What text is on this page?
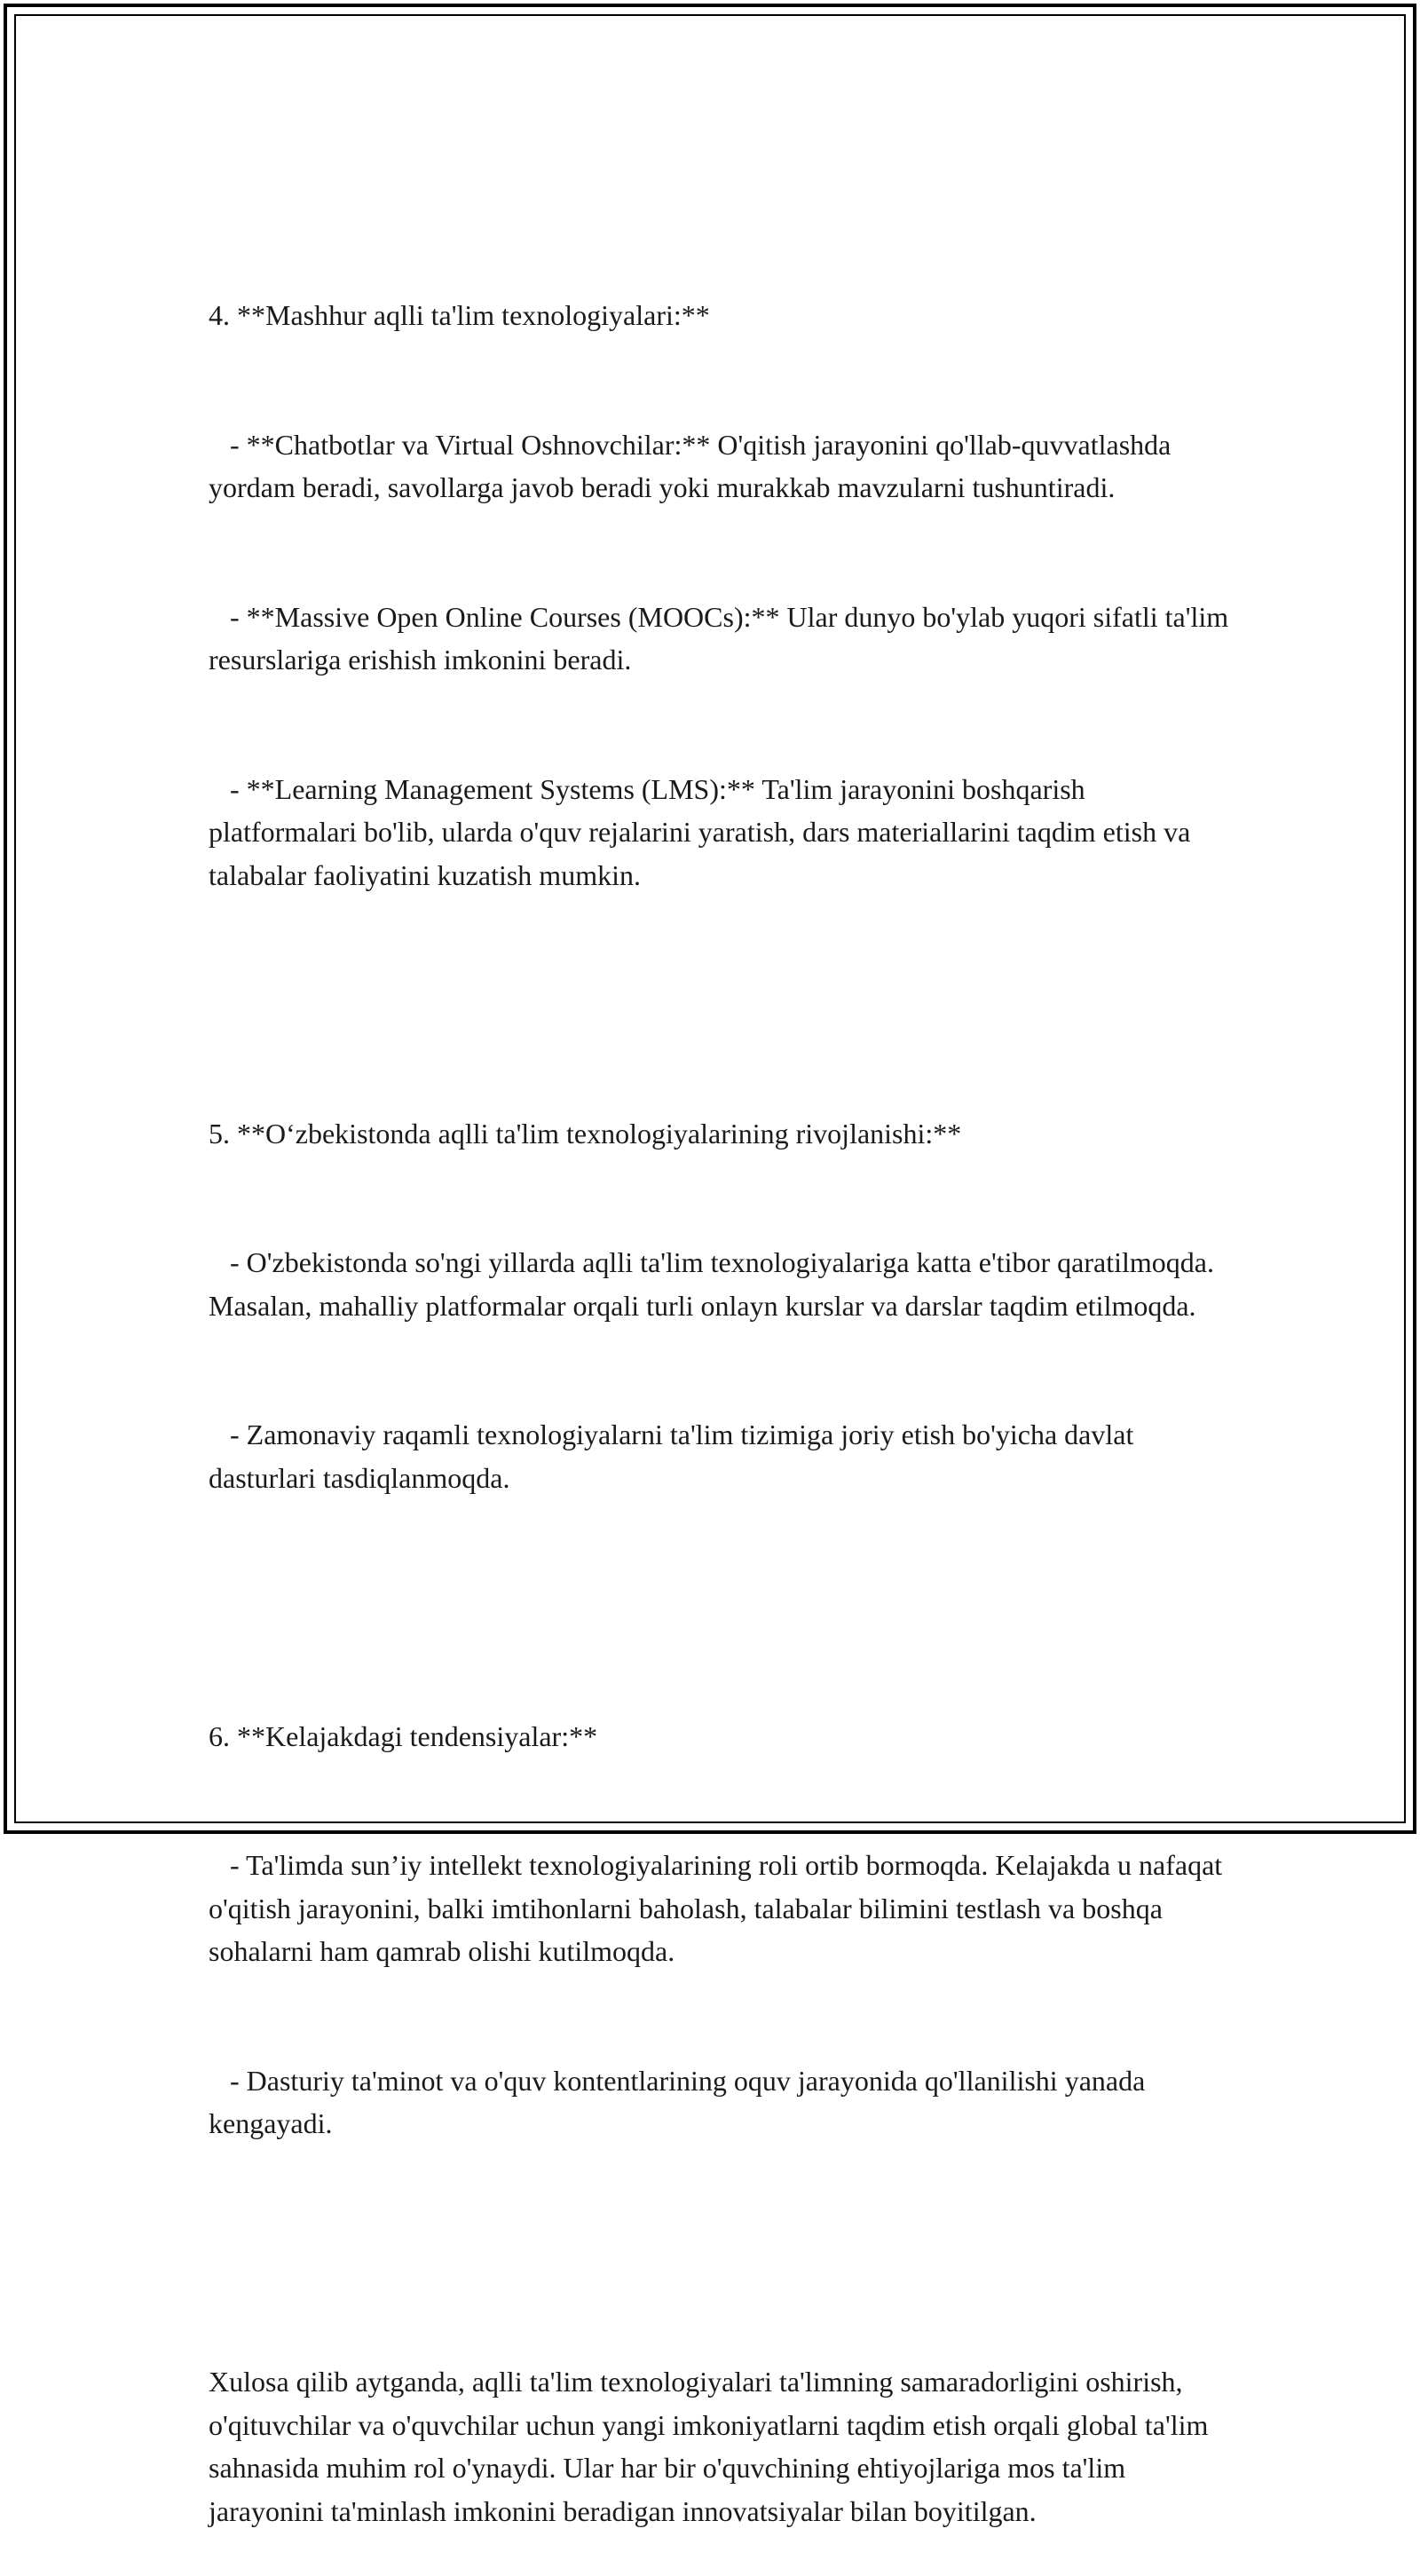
4. **Mashhur aqlli ta'lim texnologiyalari:**

- **Chatbotlar va Virtual Oshnovchilar:** O'qitish jarayonini qo'llab-quvvatlashda yordam beradi, savollarga javob beradi yoki murakkab mavzularni tushuntiradi.

- **Massive Open Online Courses (MOOCs):** Ular dunyo bo'ylab yuqori sifatli ta'lim resurslariga erishish imkonini beradi.

- **Learning Management Systems (LMS):** Ta'lim jarayonini boshqarish platformalari bo'lib, ularda o'quv rejalarini yaratish, dars materiallarini taqdim etish va talabalar faoliyatini kuzatish mumkin.

5. **O‘zbekistonda aqlli ta'lim texnologiyalarining rivojlanishi:**

- O'zbekistonda so'ngi yillarda aqlli ta'lim texnologiyalariga katta e'tibor qaratilmoqda. Masalan, mahalliy platformalar orqali turli onlayn kurslar va darslar taqdim etilmoqda.

- Zamonaviy raqamli texnologiyalarni ta'lim tizimiga joriy etish bo'yicha davlat dasturlari tasdiqlanmoqda.

6. **Kelajakdagi tendensiyalar:**

- Ta'limda sun’iy intellekt texnologiyalarining roli ortib bormoqda. Kelajakda u nafaqat o'qitish jarayonini, balki imtihonlarni baholash, talabalar bilimini testlash va boshqa sohalarni ham qamrab olishi kutilmoqda.

- Dasturiy ta'minot va o'quv kontentlarining oquv jarayonida qo'llanilishi yanada kengayadi.

Xulosa qilib aytganda, aqlli ta'lim texnologiyalari ta'limning samaradorligini oshirish, o'qituvchilar va o'quvchilar uchun yangi imkoniyatlarni taqdim etish orqali global ta'lim sahnasida muhim rol o'ynaydi. Ular har bir o'quvchining ehtiyojlariga mos ta'lim jarayonini ta'minlash imkonini beradigan innovatsiyalar bilan boyitilgan.
